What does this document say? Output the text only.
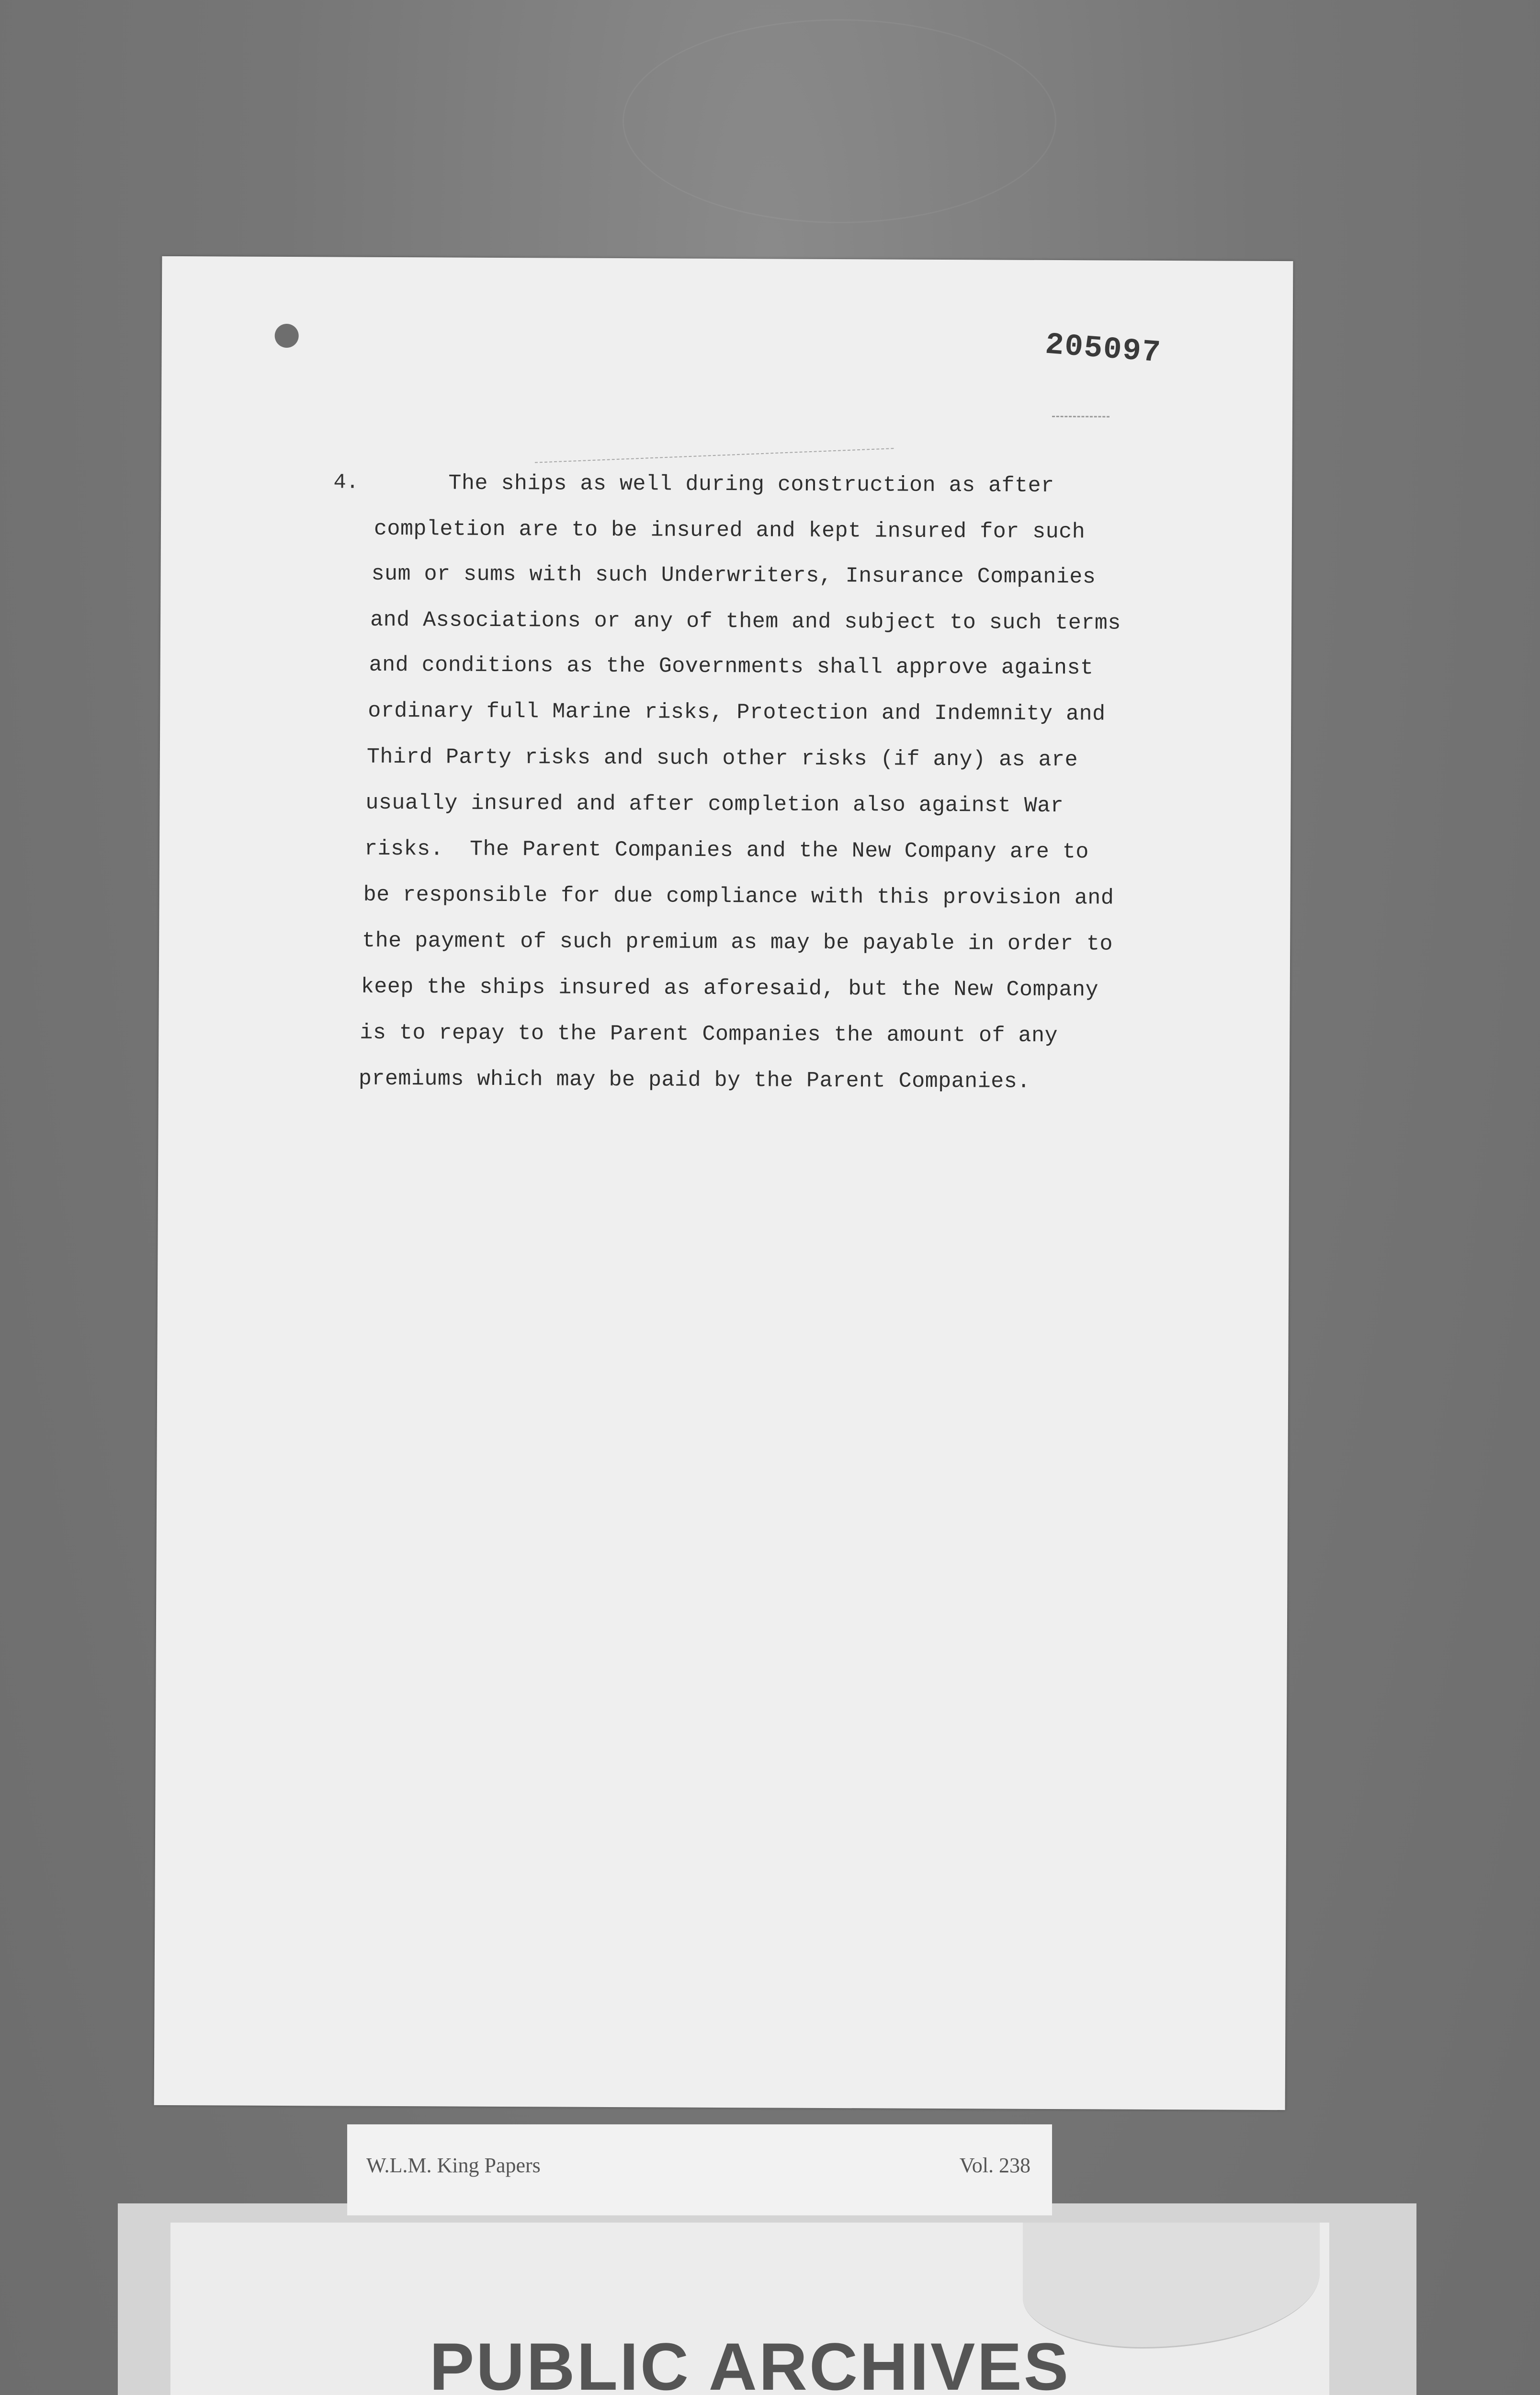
205097
4.	The ships as well during construction as after
completion are to be insured and kept insured for such
sum or sums with such Underwriters, Insurance Companies
and Associations or any of them and subject to such terms
and conditions as the Governments shall approve against
ordinary full Marine risks, Protection and Indemnity and
Third Party risks and such other risks (if any) as are
usually insured and after completion also against War
risks.  The Parent Companies and the New Company are to
be responsible for due compliance with this provision and
the payment of such premium as may be payable in order to
keep the ships insured as aforesaid, but the New Company
is to repay to the Parent Companies the amount of any
premiums which may be paid by the Parent Companies.
PUBLIC ARCHIVES
W.L.M. King Papers	Vol. 238
